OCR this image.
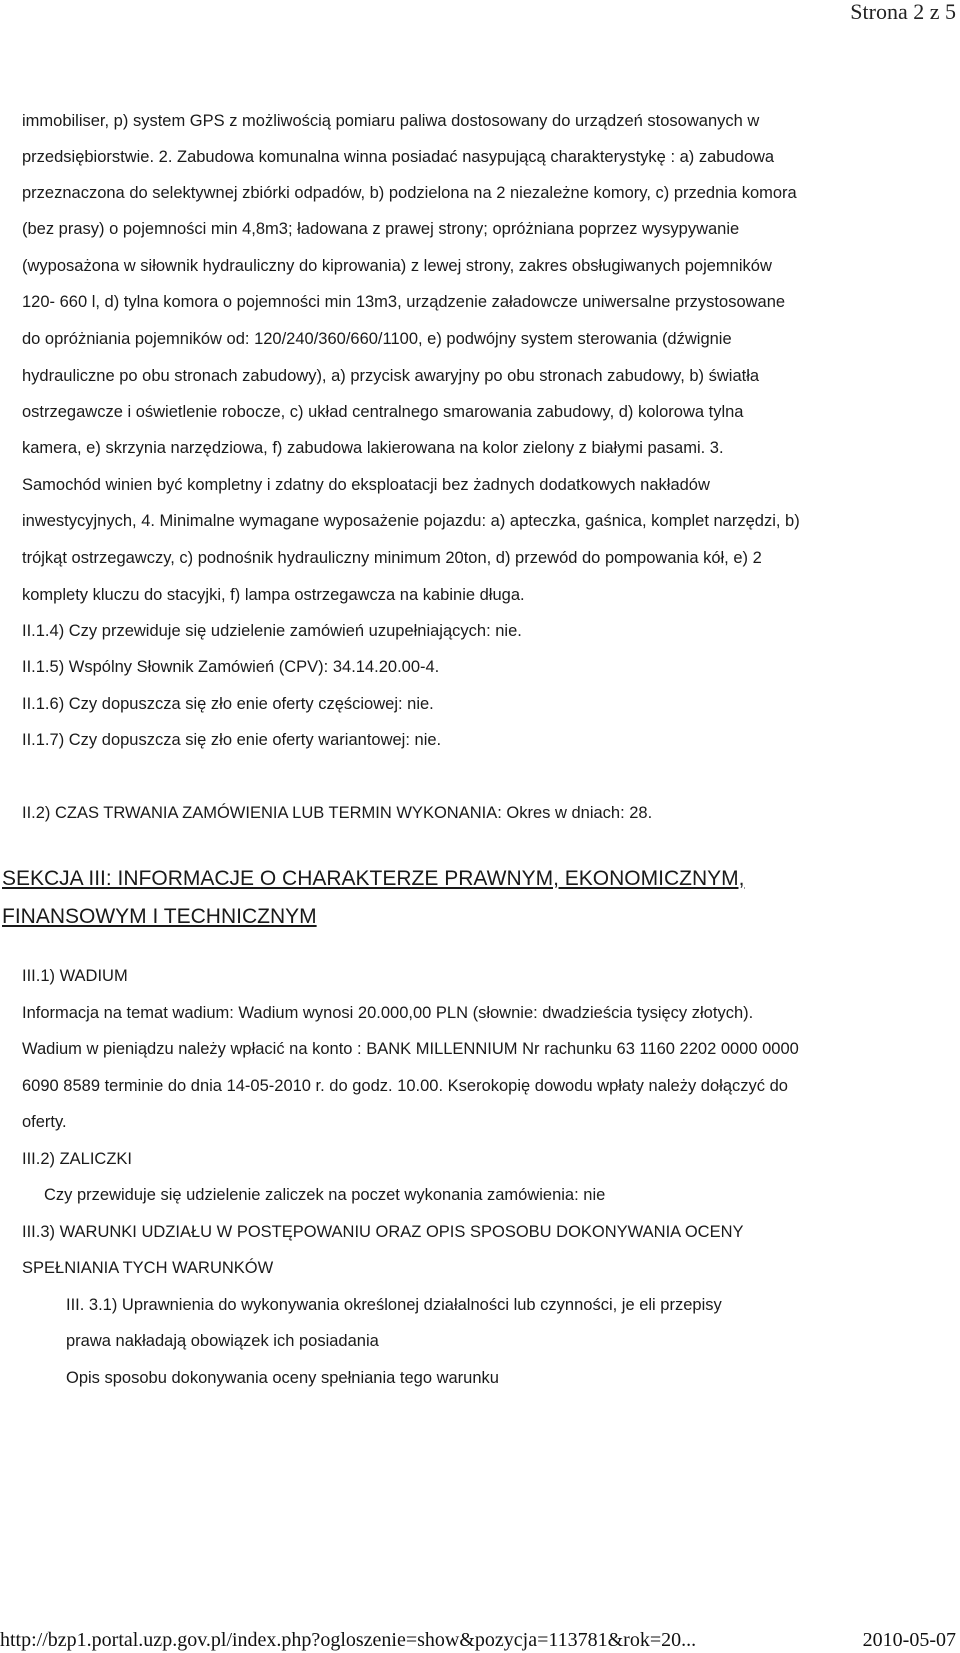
Strona 2 z 5
immobiliser, p) system GPS z możliwością pomiaru paliwa dostosowany do urządzeń stosowanych w
przedsiębiorstwie. 2. Zabudowa komunalna winna posiadać nasypującą charakterystykę : a) zabudowa
przeznaczona do selektywnej zbiórki odpadów, b) podzielona na 2 niezależne komory, c) przednia komora
(bez prasy) o pojemności min 4,8m3; ładowana z prawej strony; opróżniana poprzez wysypywanie
(wyposażona w siłownik hydrauliczny do kiprowania) z lewej strony, zakres obsługiwanych pojemników
120- 660 l, d) tylna komora o pojemności min 13m3, urządzenie załadowcze uniwersalne przystosowane
do opróżniania pojemników od: 120/240/360/660/1100, e) podwójny system sterowania (dźwignie
hydrauliczne po obu stronach zabudowy), a) przycisk awaryjny po obu stronach zabudowy, b) światła
ostrzegawcze i oświetlenie robocze, c) układ centralnego smarowania zabudowy, d) kolorowa tylna
kamera, e) skrzynia narzędziowa, f) zabudowa lakierowana na kolor zielony z białymi pasami. 3.
Samochód winien być kompletny i zdatny do eksploatacji bez żadnych dodatkowych nakładów
inwestycyjnych, 4. Minimalne wymagane wyposażenie pojazdu: a) apteczka, gaśnica, komplet narzędzi, b)
trójkąt ostrzegawczy, c) podnośnik hydrauliczny minimum 20ton, d) przewód do pompowania kół, e) 2
komplety kluczu do stacyjki, f) lampa ostrzegawcza na kabinie długa.
II.1.4) Czy przewiduje się udzielenie zamówień uzupełniających: nie.
II.1.5) Wspólny Słownik Zamówień (CPV): 34.14.20.00-4.
II.1.6) Czy dopuszcza się zło enie oferty częściowej: nie.
II.1.7) Czy dopuszcza się zło enie oferty wariantowej: nie.
II.2) CZAS TRWANIA ZAMÓWIENIA LUB TERMIN WYKONANIA: Okres w dniach: 28.
SEKCJA III: INFORMACJE O CHARAKTERZE PRAWNYM, EKONOMICZNYM,
FINANSOWYM I TECHNICZNYM
III.1) WADIUM
Informacja na temat wadium: Wadium wynosi 20.000,00 PLN (słownie: dwadzieścia tysięcy złotych).
Wadium w pieniądzu należy wpłacić na konto : BANK MILLENNIUM Nr rachunku 63 1160 2202 0000 0000
6090 8589 terminie do dnia 14-05-2010 r. do godz. 10.00. Kserokopię dowodu wpłaty należy dołączyć do
oferty.
III.2) ZALICZKI
Czy przewiduje się udzielenie zaliczek na poczet wykonania zamówienia: nie
III.3) WARUNKI UDZIAŁU W POSTĘPOWANIU ORAZ OPIS SPOSOBU DOKONYWANIA OCENY
SPEŁNIANIA TYCH WARUNKÓW
III. 3.1) Uprawnienia do wykonywania określonej działalności lub czynności, je eli przepisy
prawa nakładają obowiązek ich posiadania
Opis sposobu dokonywania oceny spełniania tego warunku
http://bzp1.portal.uzp.gov.pl/index.php?ogloszenie=show&pozycja=113781&rok=20...	2010-05-07
